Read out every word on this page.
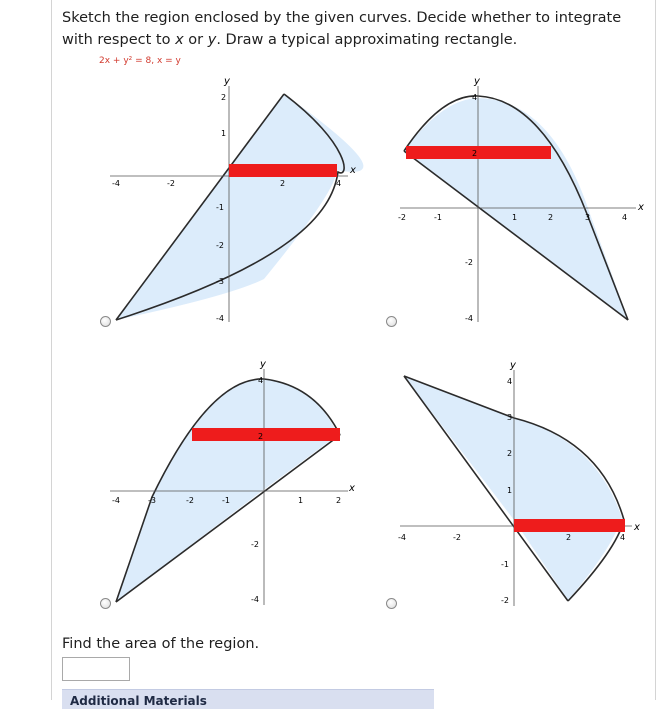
Sketch the region enclosed by the given curves. Decide whether to integrate
with respect to x or y. Draw a typical approximating rectangle.
2x + y² = 8, x = y
x
y
-4	-2	2	4
2
1
-1
-2
-3
-4
x
y
-2	-1	1	2	3	4
4
2
-2
-4
x
y
-4	-3	-2	-1	1	2
4
2
-2
-4
x
y
-4	-2	2	4
4
3
2
1
-1
-2
Find the area of the region.
Additional Materials
